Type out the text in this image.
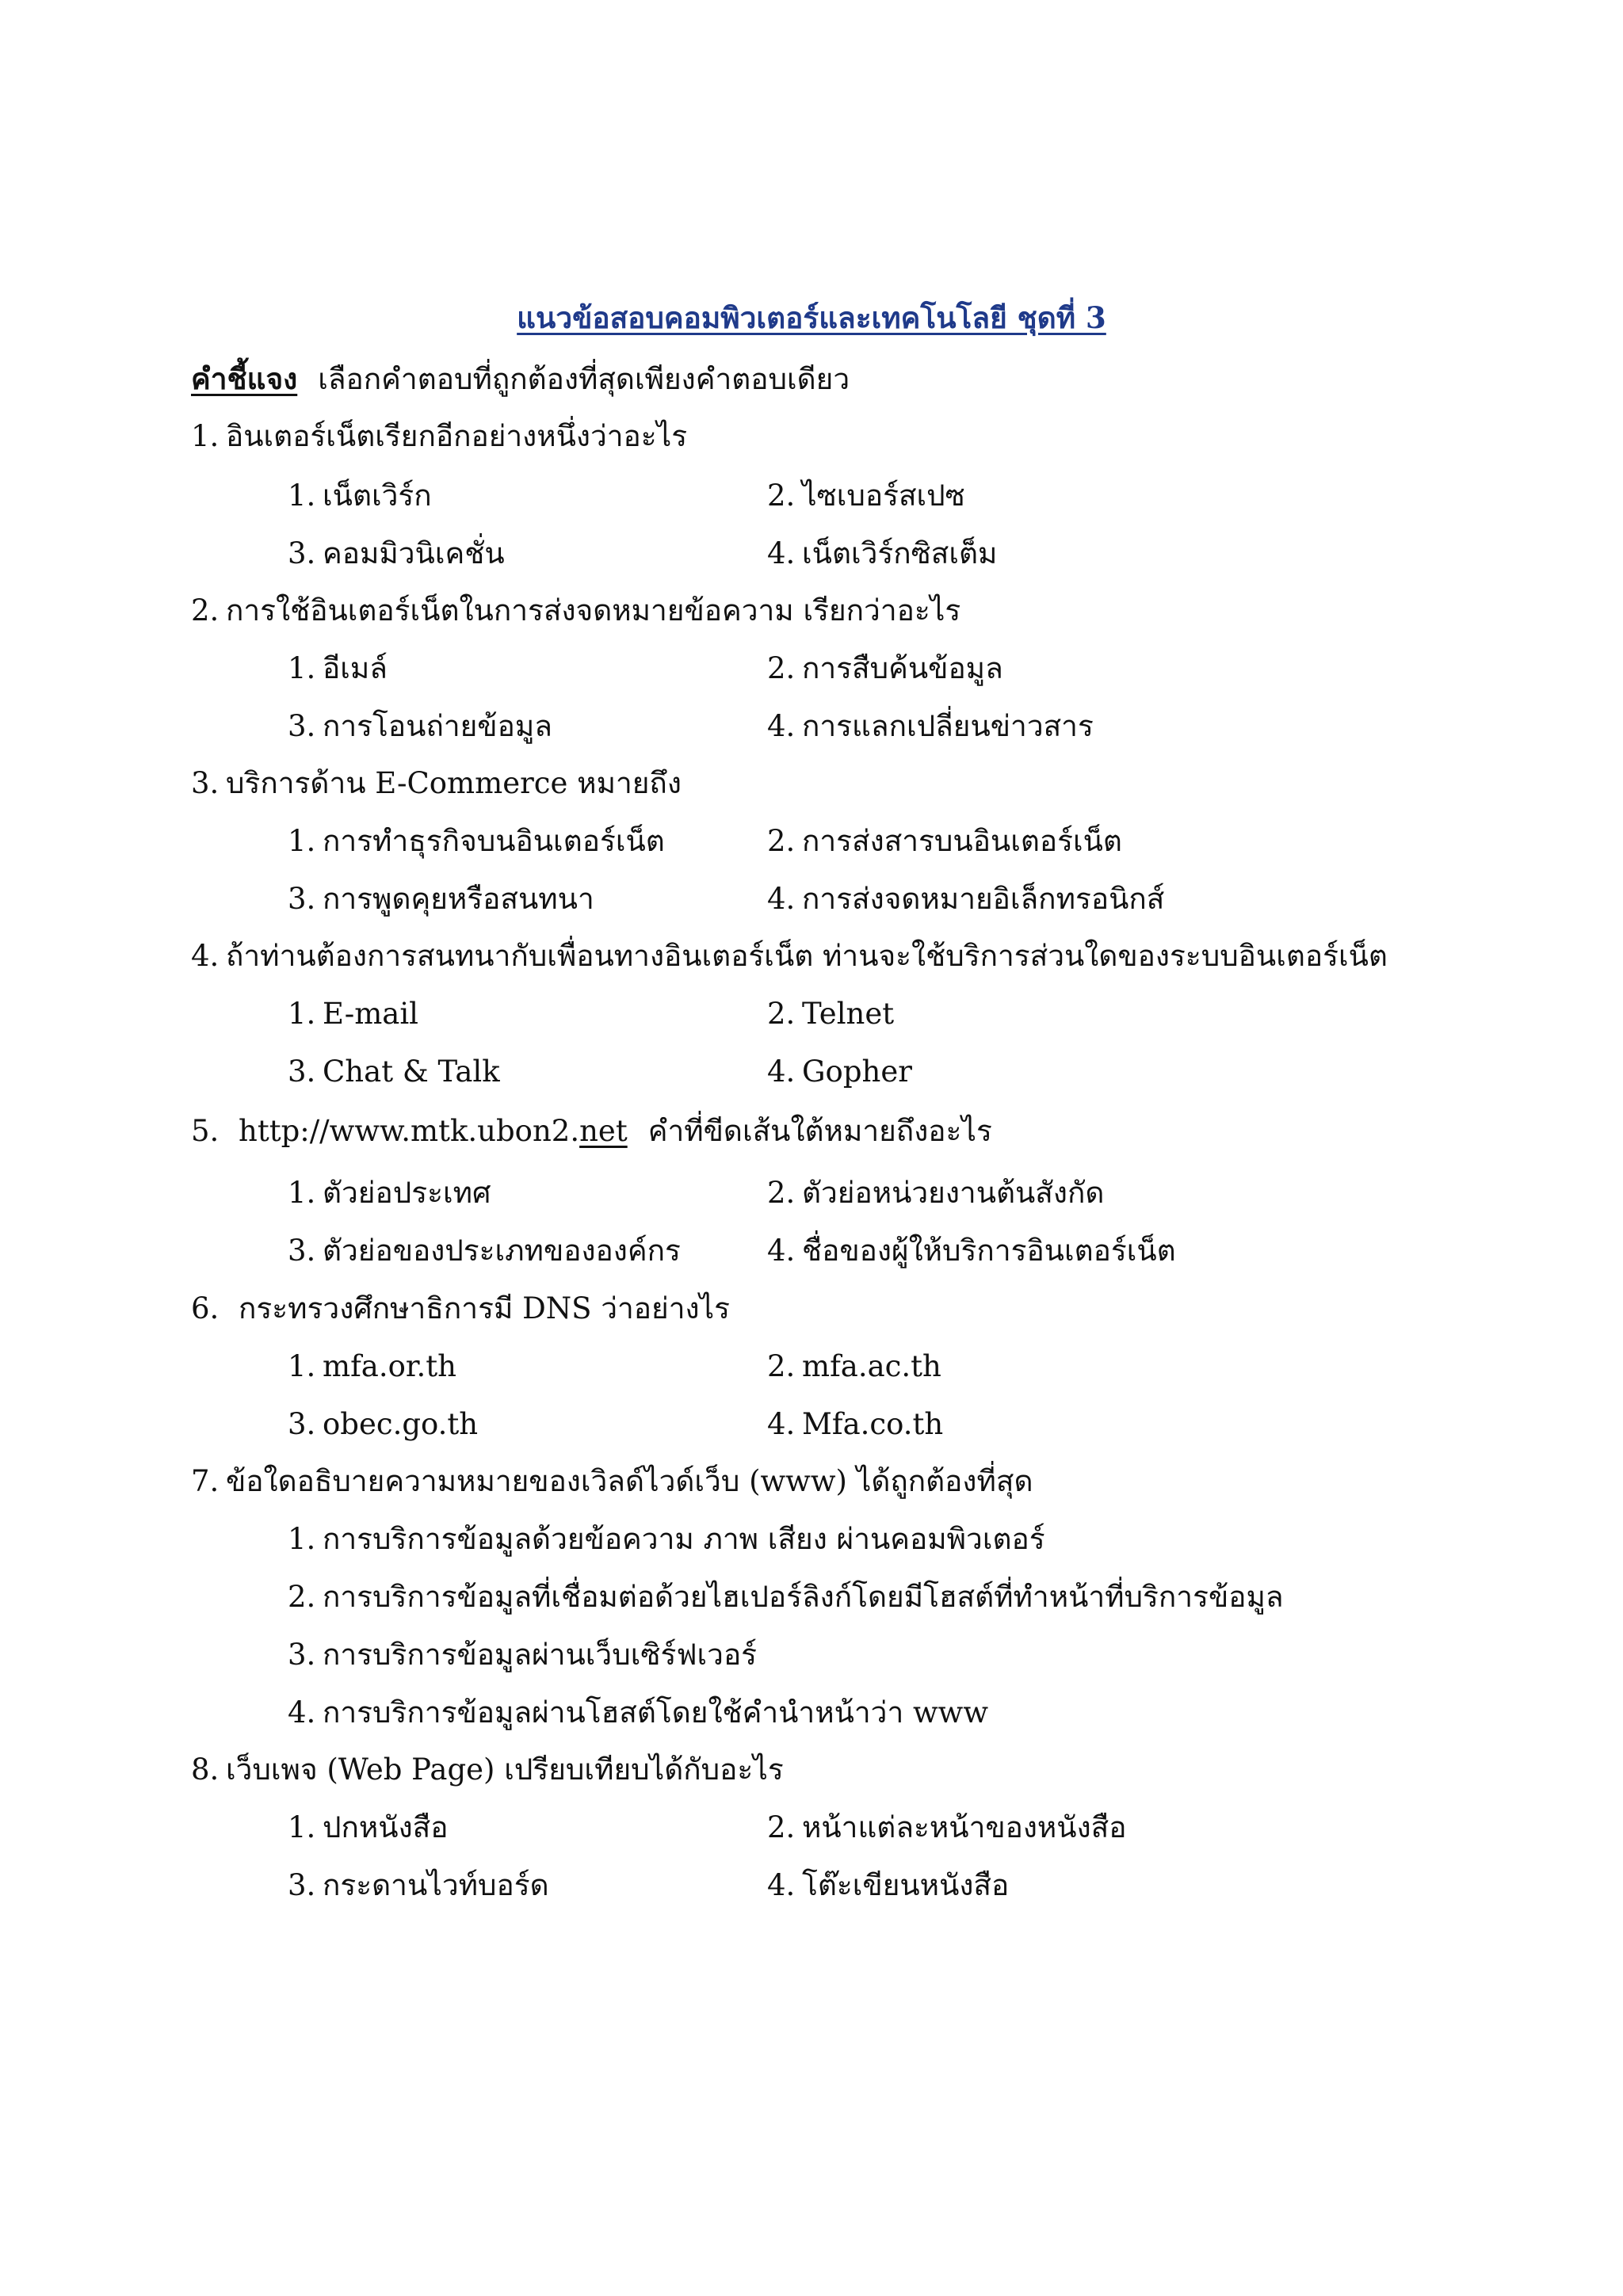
แนวข้อสอบคอมพิวเตอร์และเทคโนโลยี ชุดที่ 3
คำชี้แจง เลือกคำตอบที่ถูกต้องที่สุดเพียงคำตอบเดียว
1. อินเตอร์เน็ตเรียกอีกอย่างหนึ่งว่าอะไร
1. เน็ตเวิร์ก	2. ไซเบอร์สเปซ
3. คอมมิวนิเคชั่น	4. เน็ตเวิร์กซิสเต็ม
2. การใช้อินเตอร์เน็ตในการส่งจดหมายข้อความ เรียกว่าอะไร
1. อีเมล์	2. การสืบค้นข้อมูล
3. การโอนถ่ายข้อมูล	4. การแลกเปลี่ยนข่าวสาร
3. บริการด้าน E-Commerce หมายถึง
1. การทำธุรกิจบนอินเตอร์เน็ต	2. การส่งสารบนอินเตอร์เน็ต
3. การพูดคุยหรือสนทนา	4. การส่งจดหมายอิเล็กทรอนิกส์
4. ถ้าท่านต้องการสนทนากับเพื่อนทางอินเตอร์เน็ต ท่านจะใช้บริการส่วนใดของระบบอินเตอร์เน็ต
1. E-mail	2. Telnet
3. Chat & Talk	4. Gopher
5. http://www.mtk.ubon2.net คำที่ขีดเส้นใต้หมายถึงอะไร
1. ตัวย่อประเทศ	2. ตัวย่อหน่วยงานต้นสังกัด
3. ตัวย่อของประเภทขององค์กร	4. ชื่อของผู้ให้บริการอินเตอร์เน็ต
6. กระทรวงศึกษาธิการมี DNS ว่าอย่างไร
1. mfa.or.th	2. mfa.ac.th
3. obec.go.th	4. Mfa.co.th
7. ข้อใดอธิบายความหมายของเวิลด์ไวด์เว็บ (www) ได้ถูกต้องที่สุด
1. การบริการข้อมูลด้วยข้อความ ภาพ เสียง ผ่านคอมพิวเตอร์
2. การบริการข้อมูลที่เชื่อมต่อด้วยไฮเปอร์ลิงก์โดยมีโฮสต์ที่ทำหน้าที่บริการข้อมูล
3. การบริการข้อมูลผ่านเว็บเซิร์ฟเวอร์
4. การบริการข้อมูลผ่านโฮสต์โดยใช้คำนำหน้าว่า www
8. เว็บเพจ (Web Page) เปรียบเทียบได้กับอะไร
1. ปกหนังสือ	2. หน้าแต่ละหน้าของหนังสือ
3. กระดานไวท์บอร์ด	4. โต๊ะเขียนหนังสือ
